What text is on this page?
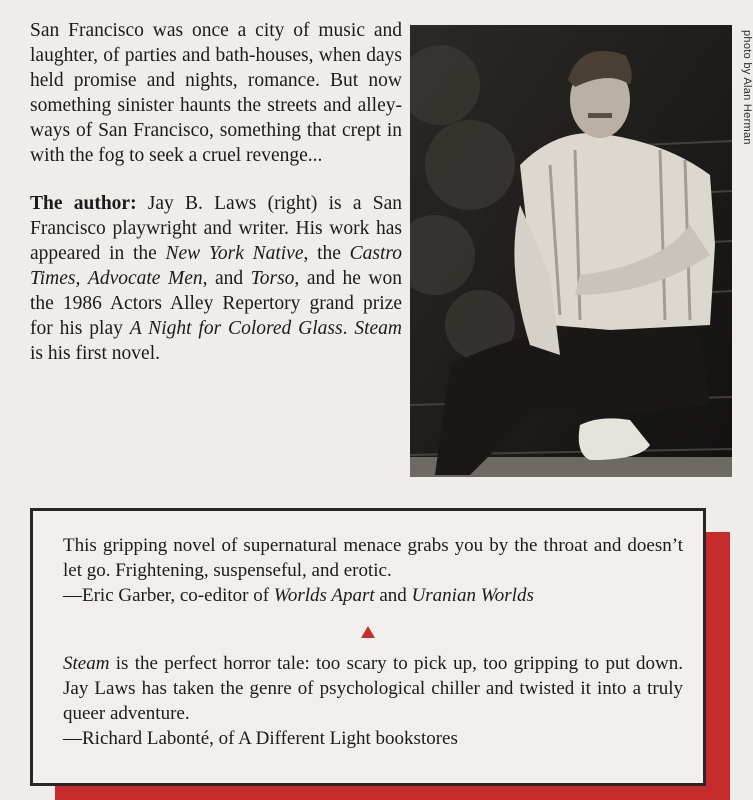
San Francisco was once a city of music and laughter, of parties and bath-houses, when days held promise and nights, romance. But now something sinister haunts the streets and alley-ways of San Francisco, something that crept in with the fog to seek a cruel revenge...

The author: Jay B. Laws (right) is a San Francisco playwright and writer. His work has appeared in the New York Native, the Castro Times, Advocate Men, and Torso, and he won the 1986 Actors Alley Repertory grand prize for his play A Night for Colored Glass. Steam is his first novel.

photo by Alan Herman

This gripping novel of supernatural menace grabs you by the throat and doesn’t let go. Frightening, suspenseful, and erotic.

—Eric Garber, co-editor of Worlds Apart and Uranian Worlds

Steam is the perfect horror tale: too scary to pick up, too gripping to put down. Jay Laws has taken the genre of psychological chiller and twisted it into a truly queer adventure.

—Richard Labonté, of A Different Light bookstores
